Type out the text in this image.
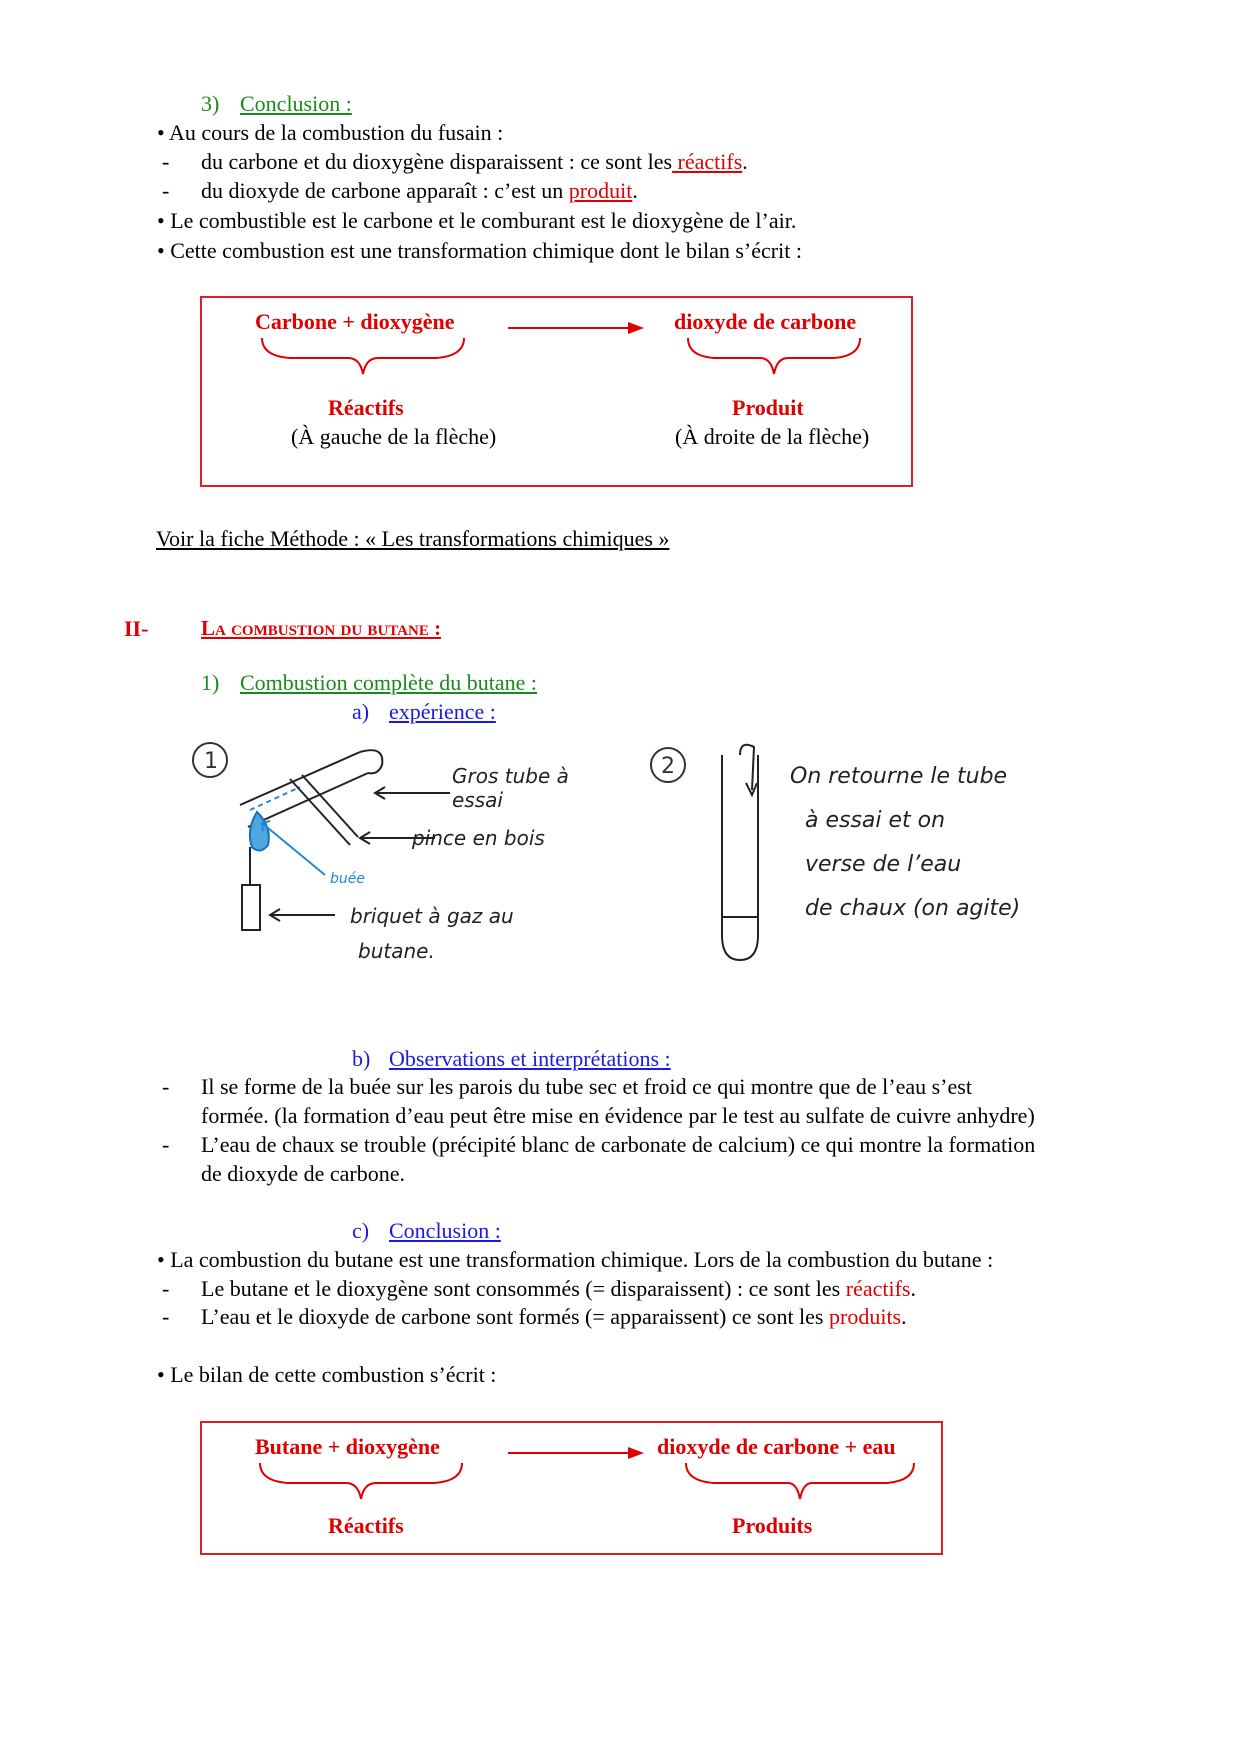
3) Conclusion :
• Au cours de la combustion du fusain :
- du carbone et du dioxygène disparaissent : ce sont les réactifs.
- du dioxyde de carbone apparaît : c’est un produit.
• Le combustible est le carbone et le comburant est le dioxygène de l’air.
• Cette combustion est une transformation chimique dont le bilan s’écrit :
Carbone + dioxygène	dioxyde de carbone
Réactifs	Produit
(À gauche de la flèche)	(À droite de la flèche)
Voir la fiche Méthode : « Les transformations chimiques »
II-	La combustion du butane :
1) Combustion complète du butane :
a) expérience :
1
Gros tube à
essai
pince en bois
buée
briquet à gaz au
butane.
2	On retourne le tube
à essai et on
verse de l’eau
de chaux (on agite)
b) Observations et interprétations :
- Il se forme de la buée sur les parois du tube sec et froid ce qui montre que de l’eau s’est
formée. (la formation d’eau peut être mise en évidence par le test au sulfate de cuivre anhydre)
- L’eau de chaux se trouble (précipité blanc de carbonate de calcium) ce qui montre la formation
de dioxyde de carbone.
c) Conclusion :
• La combustion du butane est une transformation chimique. Lors de la combustion du butane :
- Le butane et le dioxygène sont consommés (= disparaissent) : ce sont les réactifs.
- L’eau et le dioxyde de carbone sont formés (= apparaissent) ce sont les produits.
• Le bilan de cette combustion s’écrit :
Butane + dioxygène	dioxyde de carbone + eau
Réactifs	Produits
